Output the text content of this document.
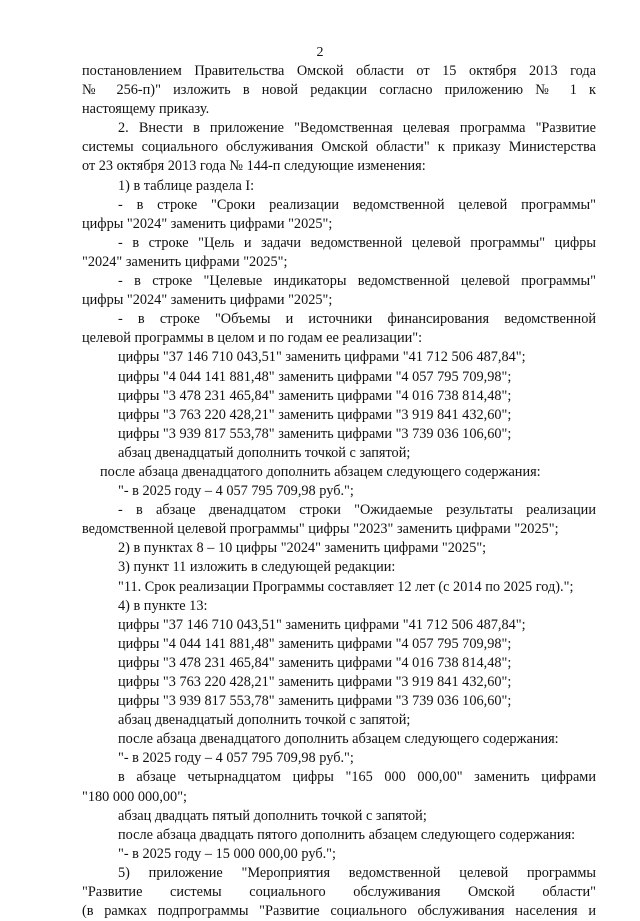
2
постановлением Правительства Омской области от 15 октября 2013 года
№ 256-п)" изложить в новой редакции согласно приложению № 1 к
настоящему приказу.
2. Внести в приложение "Ведомственная целевая программа "Развитие
системы социального обслуживания Омской области" к приказу Министерства
от 23 октября 2013 года № 144-п следующие изменения:
1) в таблице раздела I:
- в строке "Сроки реализации ведомственной целевой программы"
цифры "2024" заменить цифрами "2025";
- в строке "Цель и задачи ведомственной целевой программы" цифры
"2024" заменить цифрами "2025";
- в строке "Целевые индикаторы ведомственной целевой программы"
цифры "2024" заменить цифрами "2025";
- в строке "Объемы и источники финансирования ведомственной
целевой программы в целом и по годам ее реализации":
цифры "37 146 710 043,51" заменить цифрами "41 712 506 487,84";
цифры "4 044 141 881,48" заменить цифрами "4 057 795 709,98";
цифры "3 478 231 465,84" заменить цифрами "4 016 738 814,48";
цифры "3 763 220 428,21" заменить цифрами "3 919 841 432,60";
цифры "3 939 817 553,78" заменить цифрами "3 739 036 106,60";
абзац двенадцатый дополнить точкой с запятой;
после абзаца двенадцатого дополнить абзацем следующего содержания:
"- в 2025 году – 4 057 795 709,98 руб.";
- в абзаце двенадцатом строки "Ожидаемые результаты реализации
ведомственной целевой программы" цифры "2023" заменить цифрами "2025";
2) в пунктах 8 – 10 цифры "2024" заменить цифрами "2025";
3) пункт 11 изложить в следующей редакции:
"11. Срок реализации Программы составляет 12 лет (с 2014 по 2025 год).";
4) в пункте 13:
цифры "37 146 710 043,51" заменить цифрами "41 712 506 487,84";
цифры "4 044 141 881,48" заменить цифрами "4 057 795 709,98";
цифры "3 478 231 465,84" заменить цифрами "4 016 738 814,48";
цифры "3 763 220 428,21" заменить цифрами "3 919 841 432,60";
цифры "3 939 817 553,78" заменить цифрами "3 739 036 106,60";
абзац двенадцатый дополнить точкой с запятой;
после абзаца двенадцатого дополнить абзацем следующего содержания:
"- в 2025 году – 4 057 795 709,98 руб.";
в абзаце четырнадцатом цифры "165 000 000,00" заменить цифрами
"180 000 000,00";
абзац двадцать пятый дополнить точкой с запятой;
после абзаца двадцать пятого дополнить абзацем следующего содержания:
"- в 2025 году – 15 000 000,00 руб.";
5) приложение "Мероприятия ведомственной целевой программы
"Развитие системы социального обслуживания Омской области"
(в рамках подпрограммы "Развитие социального обслуживания населения и
